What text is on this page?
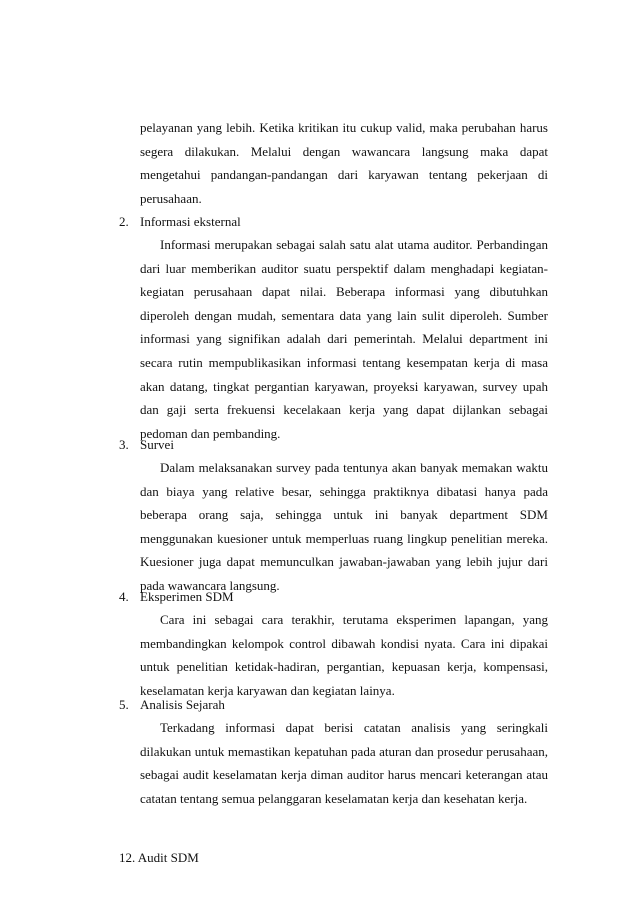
pelayanan yang lebih. Ketika kritikan itu cukup valid, maka perubahan harus
segera dilakukan. Melalui dengan wawancara langsung maka dapat
mengetahui pandangan-pandangan dari karyawan tentang pekerjaan di
perusahaan.
2. Informasi eksternal
Informasi merupakan sebagai salah satu alat utama auditor. Perbandingan
dari luar memberikan auditor suatu perspektif dalam menghadapi kegiatan-
kegiatan perusahaan dapat nilai. Beberapa informasi yang dibutuhkan
diperoleh dengan mudah, sementara data yang lain sulit diperoleh. Sumber
informasi yang signifikan adalah dari pemerintah. Melalui department ini
secara rutin mempublikasikan informasi tentang kesempatan kerja di masa
akan datang, tingkat pergantian karyawan, proyeksi karyawan, survey upah
dan gaji serta frekuensi kecelakaan kerja yang dapat dijlankan sebagai
pedoman dan pembanding.
3. Survei
Dalam melaksanakan survey pada tentunya akan banyak memakan waktu
dan biaya yang relative besar, sehingga praktiknya dibatasi hanya pada
beberapa orang saja, sehingga untuk ini banyak department SDM
menggunakan kuesioner untuk memperluas ruang lingkup penelitian mereka.
Kuesioner juga dapat memunculkan jawaban-jawaban yang lebih jujur dari
pada wawancara langsung.
4. Eksperimen SDM
Cara ini sebagai cara terakhir, terutama eksperimen lapangan, yang
membandingkan kelompok control dibawah kondisi nyata. Cara ini dipakai
untuk penelitian ketidak-hadiran, pergantian, kepuasan kerja, kompensasi,
keselamatan kerja karyawan dan kegiatan lainya.
5. Analisis Sejarah
Terkadang informasi dapat berisi catatan analisis yang seringkali
dilakukan untuk memastikan kepatuhan pada aturan dan prosedur perusahaan,
sebagai audit keselamatan kerja diman auditor harus mencari keterangan atau
catatan tentang semua pelanggaran keselamatan kerja dan kesehatan kerja.
12. Audit SDM
